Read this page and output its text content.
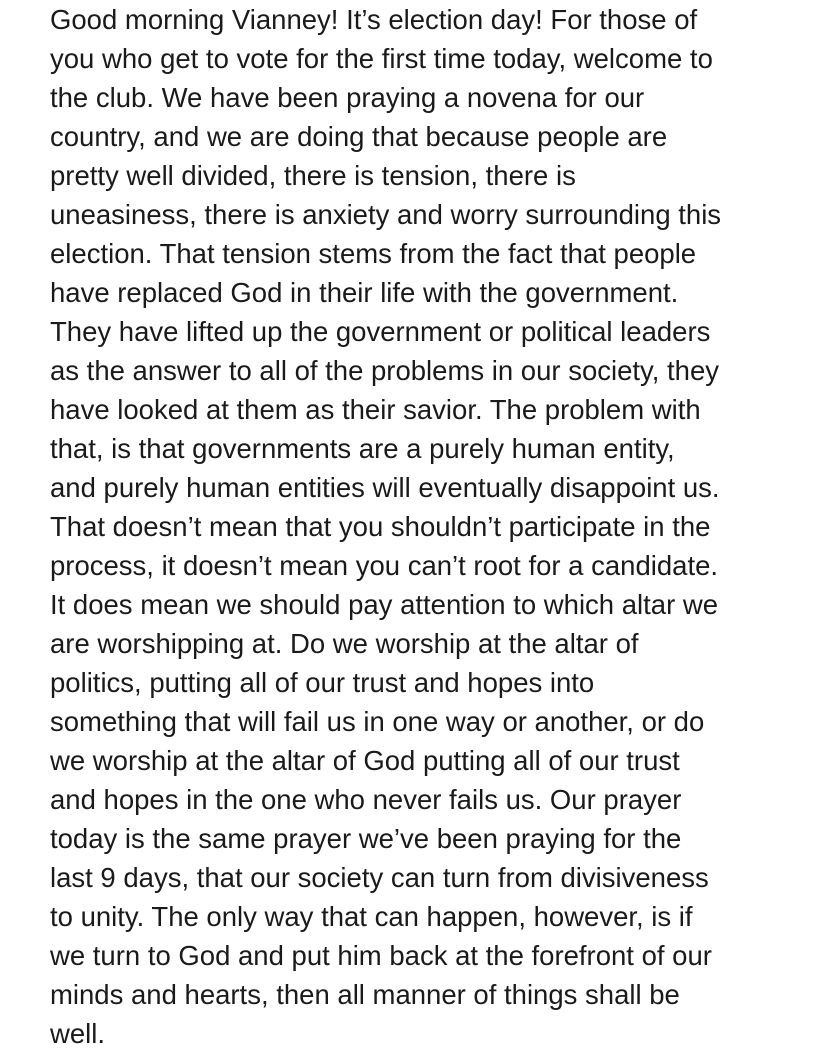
Good morning Vianney! It’s election day! For those of
you who get to vote for the first time today, welcome to
the club. We have been praying a novena for our
country, and we are doing that because people are
pretty well divided, there is tension, there is
uneasiness, there is anxiety and worry surrounding this
election. That tension stems from the fact that people
have replaced God in their life with the government.
They have lifted up the government or political leaders
as the answer to all of the problems in our society, they
have looked at them as their savior. The problem with
that, is that governments are a purely human entity,
and purely human entities will eventually disappoint us.
That doesn’t mean that you shouldn’t participate in the
process, it doesn’t mean you can’t root for a candidate.
It does mean we should pay attention to which altar we
are worshipping at. Do we worship at the altar of
politics, putting all of our trust and hopes into
something that will fail us in one way or another, or do
we worship at the altar of God putting all of our trust
and hopes in the one who never fails us. Our prayer
today is the same prayer we’ve been praying for the
last 9 days, that our society can turn from divisiveness
to unity. The only way that can happen, however, is if
we turn to God and put him back at the forefront of our
minds and hearts, then all manner of things shall be
well.
